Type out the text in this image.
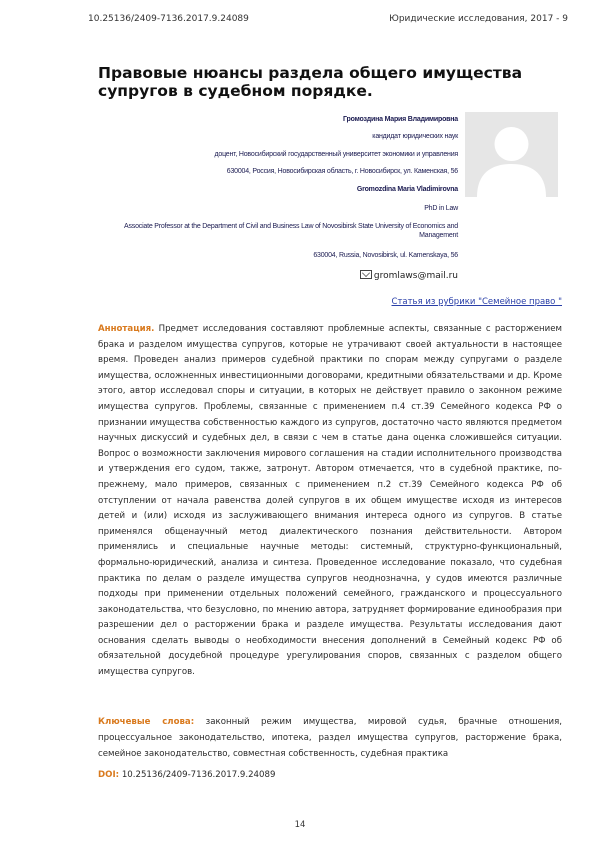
10.25136/2409-7136.2017.9.24089	Юридические исследования, 2017 - 9
Правовые нюансы раздела общего имущества супругов в судебном порядке.
Громоздина Мария Владимировна
кандидат юридических наук
доцент, Новосибирский государственный университет экономики и управления
630004, Россия, Новосибирская область, г. Новосибирск, ул. Каменская, 56
Gromozdina Maria Vladimirovna
PhD in Law
Associate Professor at the Department of Civil and Business Law of Novosibirsk State University of Economics and Management
630004, Russia, Novosibirsk, ul. Kamenskaya, 56
gromlaws@mail.ru
Статья из рубрики "Семейное право "
Аннотация. Предмет исследования составляют проблемные аспекты, связанные с расторжением брака и разделом имущества супругов, которые не утрачивают своей актуальности в настоящее время. Проведен анализ примеров судебной практики по спорам между супругами о разделе имущества, осложненных инвестиционными договорами, кредитными обязательствами и др. Кроме этого, автор исследовал споры и ситуации, в которых не действует правило о законном режиме имущества супругов. Проблемы, связанные с применением п.4 ст.39 Семейного кодекса РФ о признании имущества собственностью каждого из супругов, достаточно часто являются предметом научных дискуссий и судебных дел, в связи с чем в статье дана оценка сложившейся ситуации. Вопрос о возможности заключения мирового соглашения на стадии исполнительного производства и утверждения его судом, также, затронут. Автором отмечается, что в судебной практике, по-прежнему, мало примеров, связанных с применением п.2 ст.39 Семейного кодекса РФ об отступлении от начала равенства долей супругов в их общем имуществе исходя из интересов детей и (или) исходя из заслуживающего внимания интереса одного из супругов. В статье применялся общенаучный метод диалектического познания действительности. Автором применялись и специальные научные методы: системный, структурно-функциональный, формально-юридический, анализа и синтеза. Проведенное исследование показало, что судебная практика по делам о разделе имущества супругов неоднозначна, у судов имеются различные подходы при применении отдельных положений семейного, гражданского и процессуального законодательства, что безусловно, по мнению автора, затрудняет формирование единообразия при разрешении дел о расторжении брака и разделе имущества. Результаты исследования дают основания сделать выводы о необходимости внесения дополнений в Семейный кодекс РФ об обязательной досудебной процедуре урегулирования споров, связанных с разделом общего имущества супругов.
Ключевые слова: законный режим имущества, мировой судья, брачные отношения, процессуальное законодательство, ипотека, раздел имущества супругов, расторжение брака, семейное законодательство, совместная собственность, судебная практика
DOI: 10.25136/2409-7136.2017.9.24089
14
